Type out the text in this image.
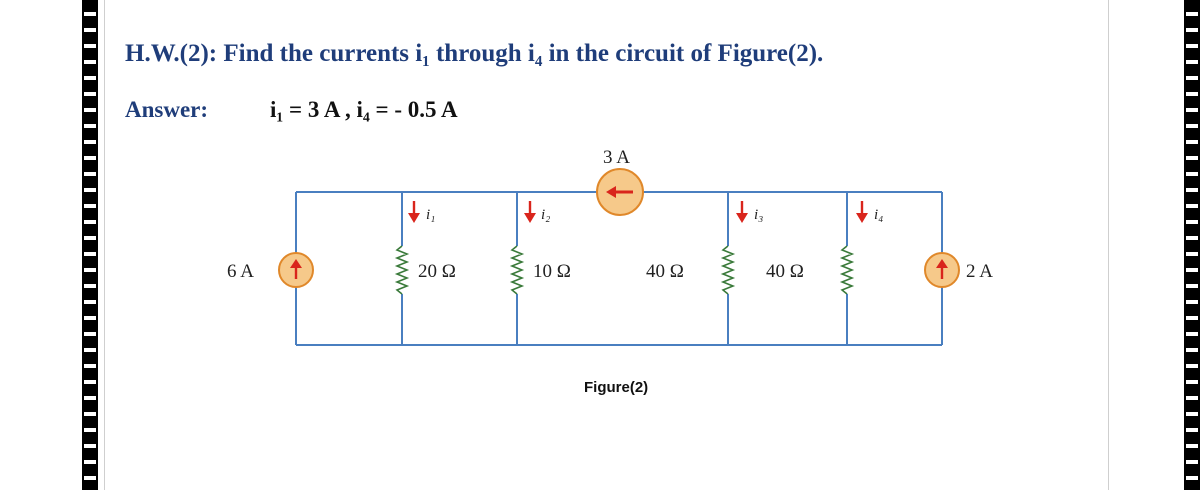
H.W.(2): Find the currents i₁ through i₄ in the circuit of Figure(2).
Answer:	i₁ = 3 A , i₄ = - 0.5 A
6 A
3 A
2 A
20 Ω	10 Ω	40 Ω	40 Ω
i₁	i₂	i₃	i₄
Figure(2)
